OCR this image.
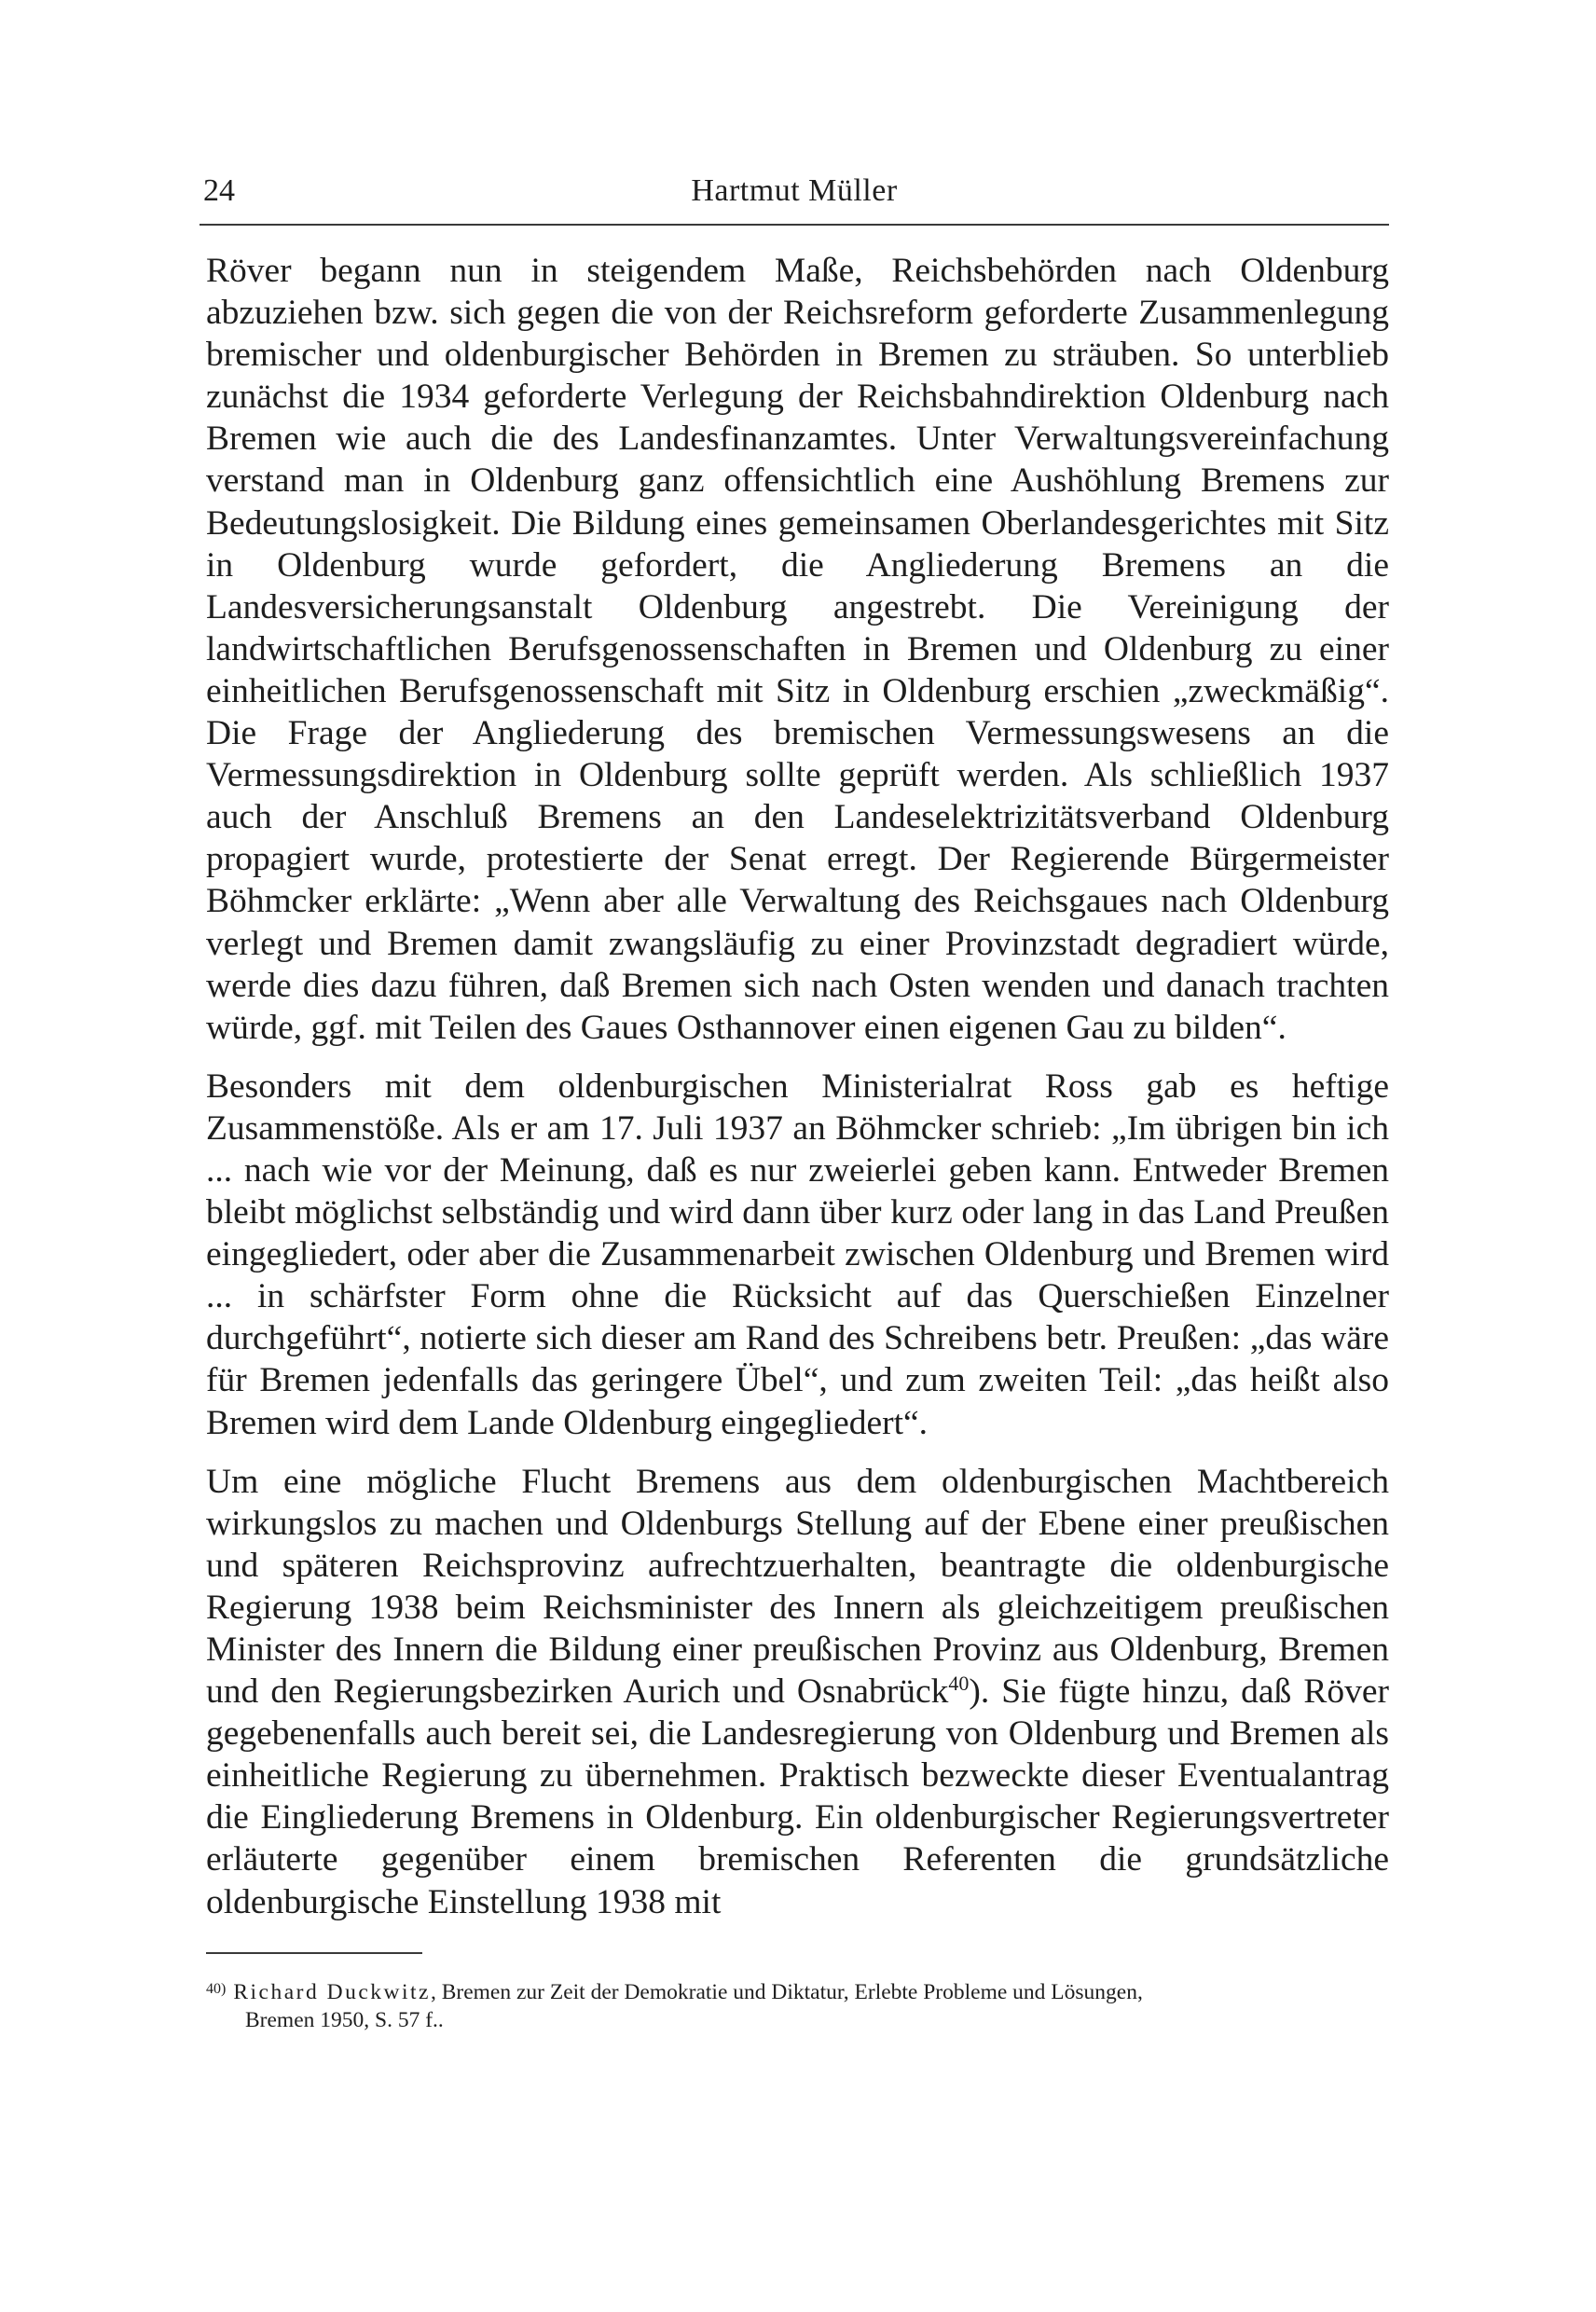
24	Hartmut Müller

Röver begann nun in steigendem Maße, Reichsbehörden nach Oldenburg abzuziehen bzw. sich gegen die von der Reichsreform geforderte Zusammenlegung bremischer und oldenburgischer Behörden in Bremen zu sträuben. So unterblieb zunächst die 1934 geforderte Verlegung der Reichsbahndirektion Oldenburg nach Bremen wie auch die des Landesfinanzamtes. Unter Verwaltungsvereinfachung verstand man in Oldenburg ganz offensichtlich eine Aushöhlung Bremens zur Bedeutungslosigkeit. Die Bildung eines gemeinsamen Oberlandesgerichtes mit Sitz in Oldenburg wurde gefordert, die Angliederung Bremens an die Landesversicherungsanstalt Oldenburg angestrebt. Die Vereinigung der landwirtschaftlichen Berufsgenossenschaften in Bremen und Oldenburg zu einer einheitlichen Berufsgenossenschaft mit Sitz in Oldenburg erschien „zweckmäßig“. Die Frage der Angliederung des bremischen Vermessungswesens an die Vermessungsdirektion in Oldenburg sollte geprüft werden. Als schließlich 1937 auch der Anschluß Bremens an den Landeselektrizitätsverband Oldenburg propagiert wurde, protestierte der Senat erregt. Der Regierende Bürgermeister Böhmcker erklärte: „Wenn aber alle Verwaltung des Reichsgaues nach Oldenburg verlegt und Bremen damit zwangsläufig zu einer Provinzstadt degradiert würde, werde dies dazu führen, daß Bremen sich nach Osten wenden und danach trachten würde, ggf. mit Teilen des Gaues Osthannover einen eigenen Gau zu bilden“.

Besonders mit dem oldenburgischen Ministerialrat Ross gab es heftige Zusammenstöße. Als er am 17. Juli 1937 an Böhmcker schrieb: „Im übrigen bin ich ... nach wie vor der Meinung, daß es nur zweierlei geben kann. Entweder Bremen bleibt möglichst selbständig und wird dann über kurz oder lang in das Land Preußen eingegliedert, oder aber die Zusammenarbeit zwischen Oldenburg und Bremen wird ... in schärfster Form ohne die Rücksicht auf das Querschießen Einzelner durchgeführt“, notierte sich dieser am Rand des Schreibens betr. Preußen: „das wäre für Bremen jedenfalls das geringere Übel“, und zum zweiten Teil: „das heißt also Bremen wird dem Lande Oldenburg eingegliedert“.

Um eine mögliche Flucht Bremens aus dem oldenburgischen Machtbereich wirkungslos zu machen und Oldenburgs Stellung auf der Ebene einer preußischen und späteren Reichsprovinz aufrechtzuerhalten, beantragte die oldenburgische Regierung 1938 beim Reichsminister des Innern als gleichzeitigem preußischen Minister des Innern die Bildung einer preußischen Provinz aus Oldenburg, Bremen und den Regierungsbezirken Aurich und Osnabrück$^{40}$). Sie fügte hinzu, daß Röver gegebenenfalls auch bereit sei, die Landesregierung von Oldenburg und Bremen als einheitliche Regierung zu übernehmen. Praktisch bezweckte dieser Eventualantrag die Eingliederung Bremens in Oldenburg. Ein oldenburgischer Regierungsvertreter erläuterte gegenüber einem bremischen Referenten die grundsätzliche oldenburgische Einstellung 1938 mit

$^{40)}$ Richard Duckwitz, Bremen zur Zeit der Demokratie und Diktatur, Erlebte Probleme und Lösungen,
Bremen 1950, S. 57 f..
